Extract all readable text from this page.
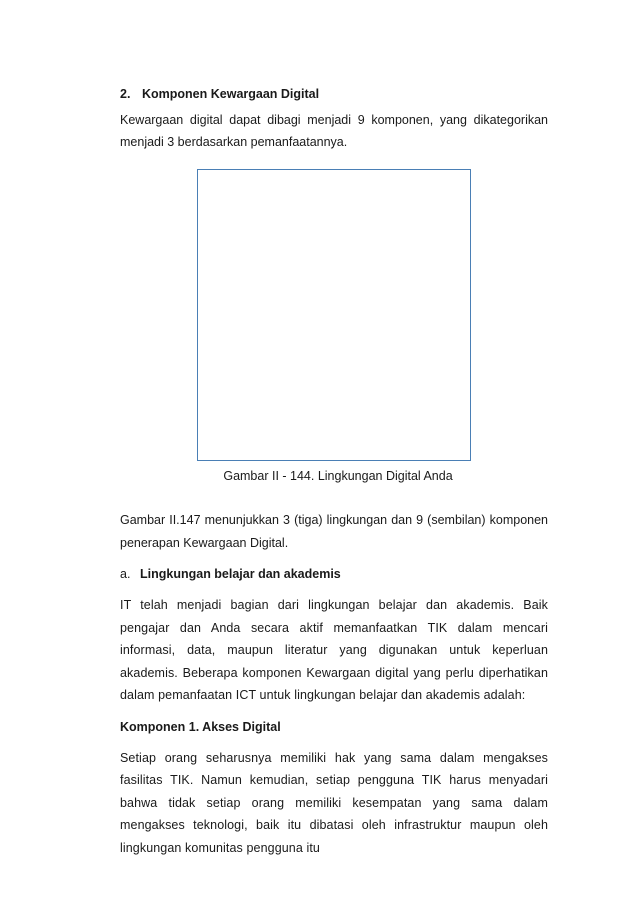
2. Komponen Kewargaan Digital

Kewargaan digital dapat dibagi menjadi 9 komponen, yang dikategorikan menjadi 3 berdasarkan pemanfaatannya.

Gambar II - 144. Lingkungan Digital Anda

Gambar II.147 menunjukkan 3 (tiga) lingkungan dan 9 (sembilan) komponen penerapan Kewargaan Digital.

a. Lingkungan belajar dan akademis

IT telah menjadi bagian dari lingkungan belajar dan akademis. Baik pengajar dan Anda secara aktif memanfaatkan TIK dalam mencari informasi, data, maupun literatur yang digunakan untuk keperluan akademis. Beberapa komponen Kewargaan digital yang perlu diperhatikan dalam pemanfaatan ICT untuk lingkungan belajar dan akademis adalah:

Komponen 1. Akses Digital

Setiap orang seharusnya memiliki hak yang sama dalam mengakses fasilitas TIK. Namun kemudian, setiap pengguna TIK harus menyadari bahwa tidak setiap orang memiliki kesempatan yang sama dalam mengakses teknologi, baik itu dibatasi oleh infrastruktur maupun oleh lingkungan komunitas pengguna itu
